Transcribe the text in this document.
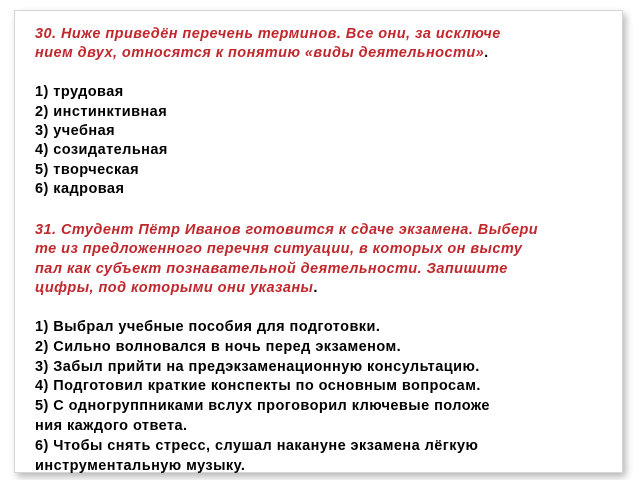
30. Ниже приведён перечень терминов. Все они, за исключе
нием двух, относятся к понятию «виды деятельности».

1) трудовая
2) инстинктивная
3) учебная
4) созидательная
5) творческая
6) кадровая

31. Студент Пётр Иванов готовится к сдаче экзамена. Выбери
те из предложенного перечня ситуации, в которых он высту
пал как субъект познавательной деятельности. Запишите
цифры, под которыми они указаны.

1) Выбрал учебные пособия для подготовки.
2) Сильно волновался в ночь перед экзаменом.
3) Забыл прийти на предэкзаменационную консультацию.
4) Подготовил краткие конспекты по основным вопросам.
5) С одногруппниками вслух проговорил ключевые положе
ния каждого ответа.
6) Чтобы снять стресс, слушал накануне экзамена лёгкую
инструментальную музыку.
